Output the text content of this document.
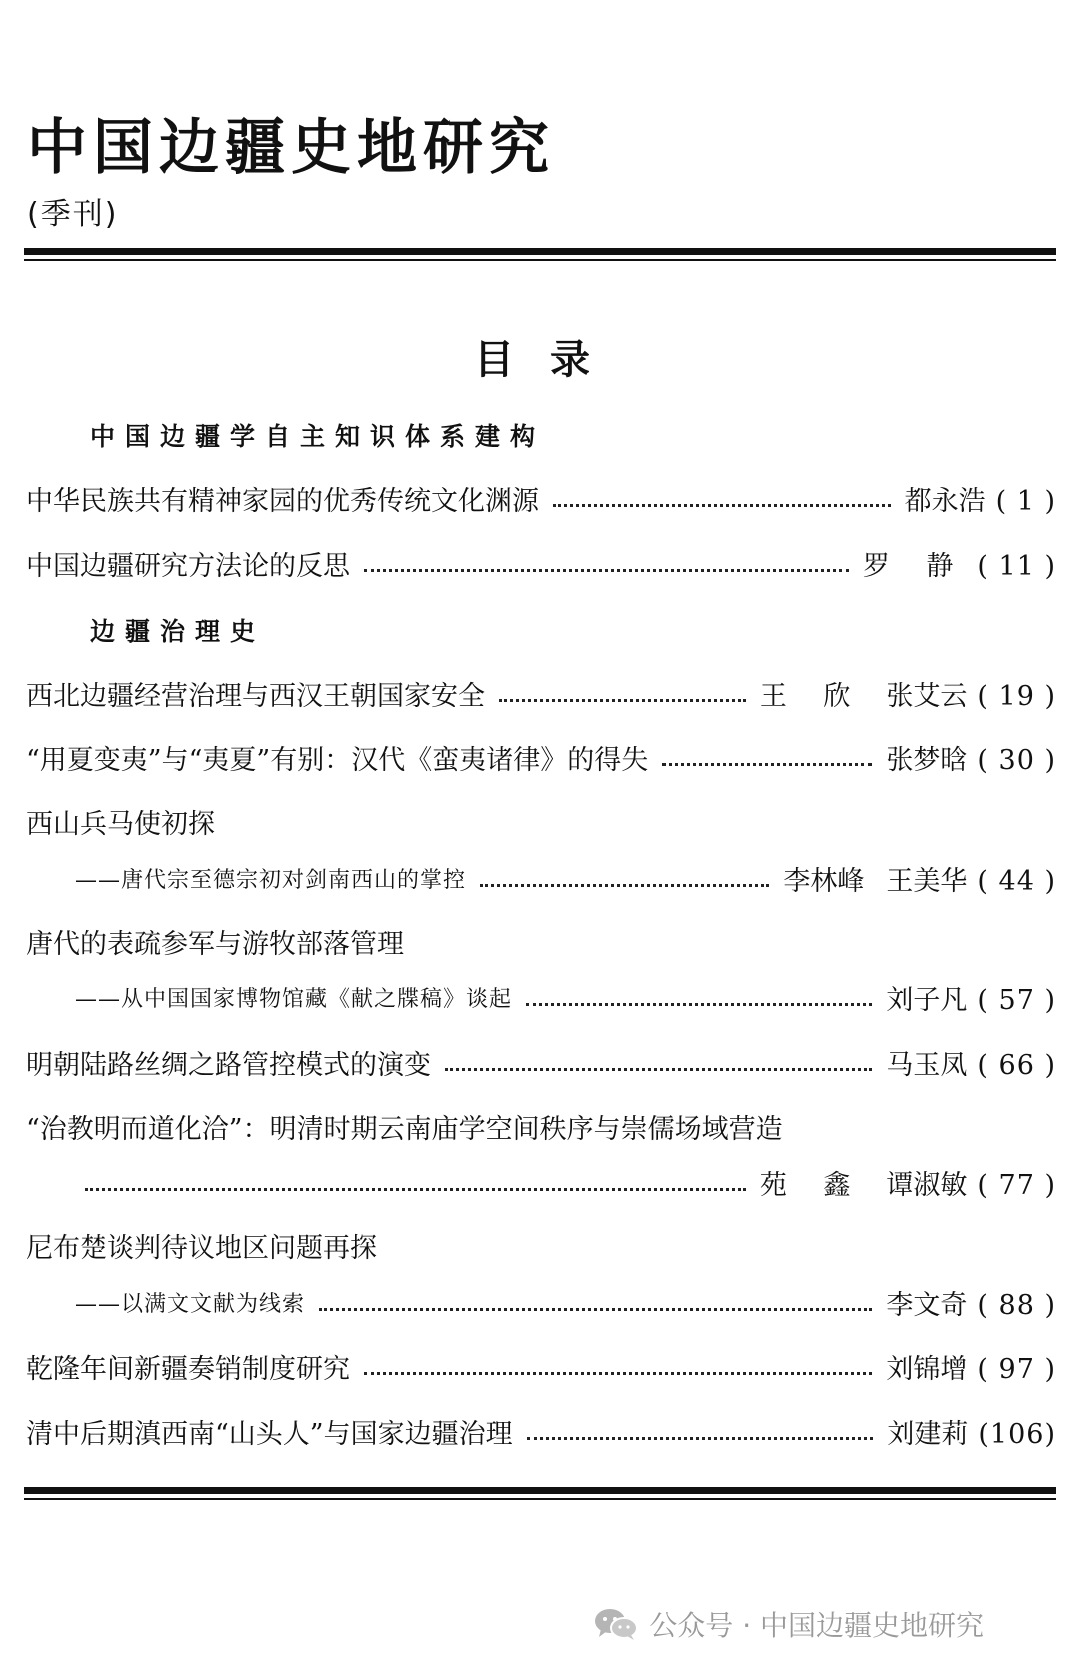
中国边疆史地研究
(季刊)
目录
中国边疆学自主知识体系建构
中华民族共有精神家园的优秀传统文化渊源	都永浩 ( 1 )
中国边疆研究方法论的反思	罗 静 ( 11 )
边疆治理史
西北边疆经营治理与西汉王朝国家安全	王 欣 张艾云 ( 19 )
“用夏变夷”与“夷夏”有别：汉代《蛮夷诸律》的得失	张梦晗 ( 30 )
西山兵马使初探
——唐代宗至德宗初对剑南西山的掌控	李林峰 王美华 ( 44 )
唐代的表疏参军与游牧部落管理
——从中国国家博物馆藏《献之牒稿》谈起	刘子凡 ( 57 )
明朝陆路丝绸之路管控模式的演变	马玉凤 ( 66 )
“治教明而道化洽”：明清时期云南庙学空间秩序与崇儒场域营造
苑 鑫 谭淑敏 ( 77 )
尼布楚谈判待议地区问题再探
——以满文文献为线索	李文奇 ( 88 )
乾隆年间新疆奏销制度研究	刘锦增 ( 97 )
清中后期滇西南“山头人”与国家边疆治理	刘建莉 (106)
公众号 · 中国边疆史地研究
